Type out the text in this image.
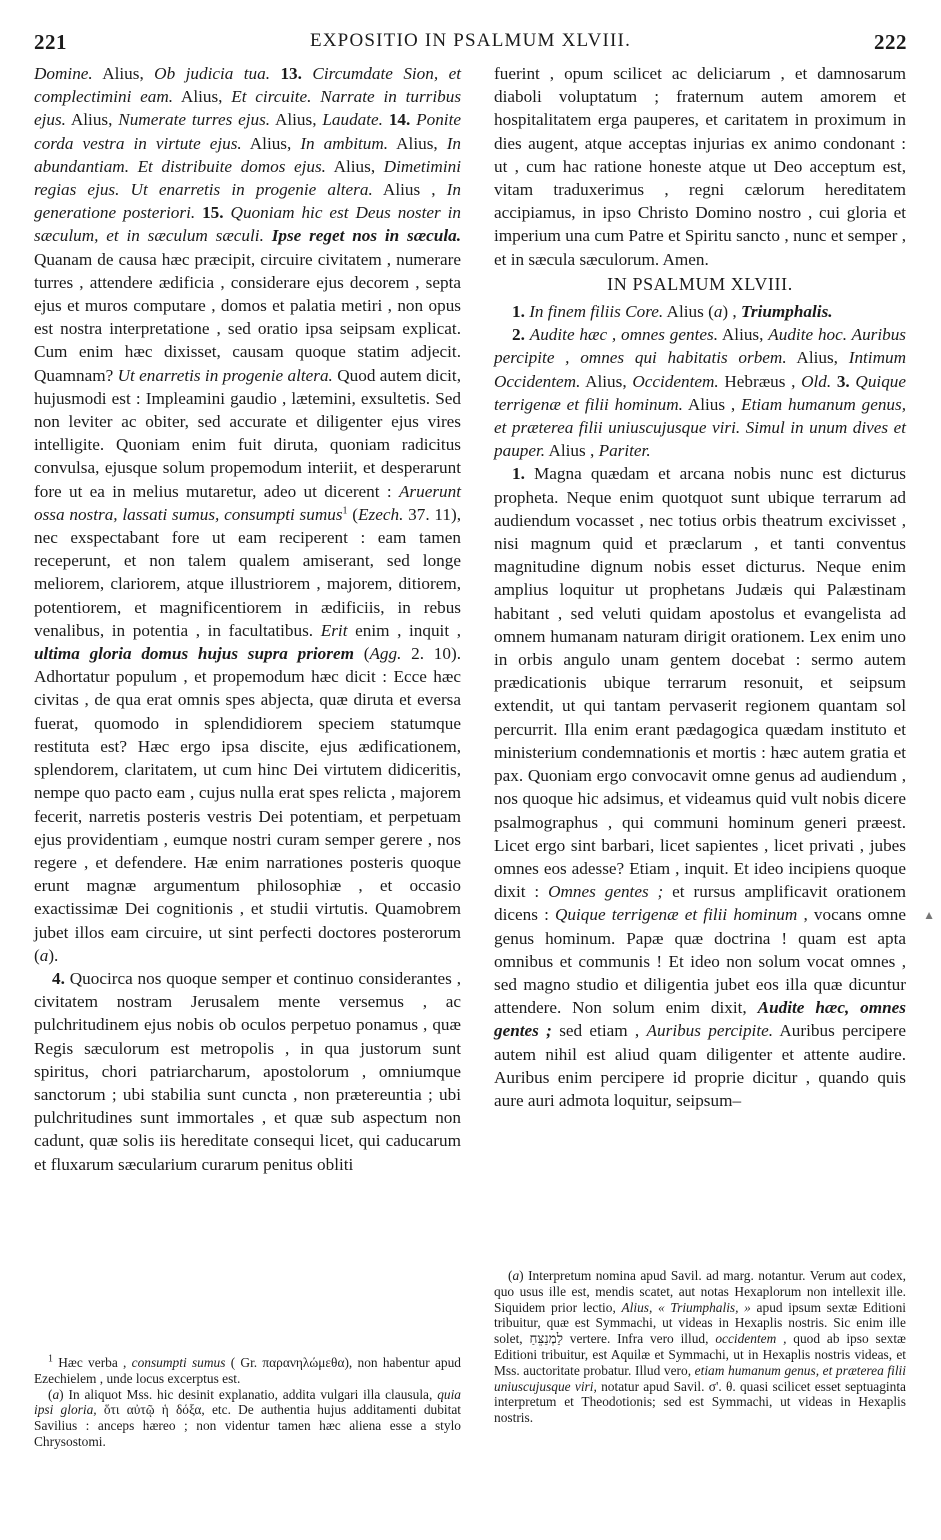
221	EXPOSITIO IN PSALMUM XLVIII.	222

Domine. Alius, Ob judicia tua. 13. Circumdate Sion, et complectimini eam. Alius, Et circuite. Narrate in turribus ejus. Alius, Numerate turres ejus. Alius, Laudate. 14. Ponite corda vestra in virtute ejus. Alius, In ambitum. Alius, In abundantiam. Et distribuite domos ejus. Alius, Dimetimini regias ejus. Ut enarretis in progenie altera. Alius , In generatione posteriori. 15. Quoniam hic est Deus noster in sæculum, et in sæculum sæculi. Ipse reget nos in sæcula. Quanam de causa hæc præcipit, circuire civitatem , numerare turres , attendere ædificia , considerare ejus decorem , septa ejus et muros computare , domos et palatia metiri , non opus est nostra interpretatione , sed oratio ipsa seipsam explicat. Cum enim hæc dixisset, causam quoque statim adjecit. Quamnam? Ut enarretis in progenie altera. Quod autem dicit, hujusmodi est : Impleamini gaudio , lætemini, exsultetis. Sed non leviter ac obiter, sed accurate et diligenter ejus vires intelligite. Quoniam enim fuit diruta, quoniam radicitus convulsa, ejusque solum propemodum interiit, et desperarunt fore ut ea in melius mutaretur, adeo ut dicerent : Aruerunt ossa nostra, lassati sumus, consumpti sumus$^1$ (Ezech. 37. 11), nec exspectabant fore ut eam reciperent : eam tamen receperunt, et non talem qualem amiserant, sed longe meliorem, clariorem, atque illustriorem , majorem, ditiorem, potentiorem, et magnificentiorem in ædificiis, in rebus venalibus, in potentia , in facultatibus. Erit enim , inquit , ultima gloria domus hujus supra priorem (Agg. 2. 10). Adhortatur populum , et propemodum hæc dicit : Ecce hæc civitas , de qua erat omnis spes abjecta, quæ diruta et eversa fuerat, quomodo in splendidiorem speciem statumque restituta est? Hæc ergo ipsa discite, ejus ædificationem, splendorem, claritatem, ut cum hinc Dei virtutem didiceritis, nempe quo pacto eam , cujus nulla erat spes relicta , majorem fecerit, narretis posteris vestris Dei potentiam, et perpetuam ejus providentiam , eumque nostri curam semper gerere , nos regere , et defendere. Hæ enim narrationes posteris quoque erunt magnæ argumentum philosophiæ , et occasio exactissimæ Dei cognitionis , et studii virtutis. Quamobrem jubet illos eam circuire, ut sint perfecti doctores posterorum (a).

4. Quocirca nos quoque semper et continuo considerantes , civitatem nostram Jerusalem mente versemus , ac pulchritudinem ejus nobis ob oculos perpetuo ponamus , quæ Regis sæculorum est metropolis , in qua justorum sunt spiritus, chori patriarcharum, apostolorum , omniumque sanctorum ; ubi stabilia sunt cuncta , non prætereuntia ; ubi pulchritudines sunt immortales , et quæ sub aspectum non cadunt, quæ solis iis hereditate consequi licet, qui caducarum et fluxarum sæcularium curarum penitus obliti

fuerint , opum scilicet ac deliciarum , et damnosarum diaboli voluptatum ; fraternum autem amorem et hospitalitatem erga pauperes, et caritatem in proximum in dies augent, atque acceptas injurias ex animo condonant : ut , cum hac ratione honeste atque ut Deo acceptum est, vitam traduxerimus , regni cælorum hereditatem accipiamus, in ipso Christo Domino nostro , cui gloria et imperium una cum Patre et Spiritu sancto , nunc et semper , et in sæcula sæculorum. Amen.

IN PSALMUM XLVIII.

1. In finem filiis Core. Alius (a) , Triumphalis.

2. Audite hæc , omnes gentes. Alius, Audite hoc. Auribus percipite , omnes qui habitatis orbem. Alius, Intimum Occidentem. Alius, Occidentem. Hebræus , Old. 3. Quique terrigenæ et filii hominum. Alius , Etiam humanum genus, et præterea filii uniuscujusque viri. Simul in unum dives et pauper. Alius , Pariter.

1. Magna quædam et arcana nobis nunc est dicturus propheta. Neque enim quotquot sunt ubique terrarum ad audiendum vocasset , nec totius orbis theatrum excivisset , nisi magnum quid et præclarum , et tanti conventus magnitudine dignum nobis esset dicturus. Neque enim amplius loquitur ut prophetans Judæis qui Palæstinam habitant , sed veluti quidam apostolus et evangelista ad omnem humanam naturam dirigit orationem. Lex enim uno in orbis angulo unam gentem docebat : sermo autem prædicationis ubique terrarum resonuit, et seipsum extendit, ut qui tantam pervaserit regionem quantam sol percurrit. Illa enim erant pædagogica quædam instituto et ministerium condemnationis et mortis : hæc autem gratia et pax. Quoniam ergo convocavit omne genus ad audiendum , nos quoque hic adsimus, et videamus quid vult nobis dicere psalmographus , qui communi hominum generi præest. Licet ergo sint barbari, licet sapientes , licet privati , jubes omnes eos adesse? Etiam , inquit. Et ideo incipiens quoque dixit : Omnes gentes ; et rursus amplificavit orationem dicens : Quique terrigenæ et filii hominum , vocans omne genus hominum. Papæ quæ doctrina ! quam est apta omnibus et communis ! Et ideo non solum vocat omnes , sed magno studio et diligentia jubet eos illa quæ dicuntur attendere. Non solum enim dixit, Audite hæc, omnes gentes ; sed etiam , Auribus percipite. Auribus percipere autem nihil est aliud quam diligenter et attente audire. Auribus enim percipere id proprie dicitur , quando quis aure auri admota loquitur, seipsum–

$^1$ Hæc verba , consumpti sumus ( Gr. παρανηλώμεθα), non habentur apud Ezechielem , unde locus excerptus est.

(a) In aliquot Mss. hic desinit explanatio, addita vulgari illa clausula, quia ipsi gloria, ὅτι αὐτῷ ἡ δόξα, etc. De authentia hujus additamenti dubitat Savilius : anceps hæreo ; non videntur tamen hæc aliena esse a stylo Chrysostomi.

(a) Interpretum nomina apud Savil. ad marg. notantur. Verum aut codex, quo usus ille est, mendis scatet, aut notas Hexaplorum non intellexit ille. Siquidem prior lectio, Alius, « Triumphalis, » apud ipsum sextæ Editioni tribuitur, quæ est Symmachi, ut videas in Hexaplis nostris. Sic enim ille solet, לַמְנַצֵּחַ vertere. Infra vero illud, occidentem , quod ab ipso sextæ Editioni tribuitur, est Aquilæ et Symmachi, ut in Hexaplis nostris videas, et Mss. auctoritate probatur. Illud vero, etiam humanum genus, et præterea filii uniuscujusque viri, notatur apud Savil. σ'. θ. quasi scilicet esset septuaginta interpretum et Theodotionis; sed est Symmachi, ut videas in Hexaplis nostris.

▲
